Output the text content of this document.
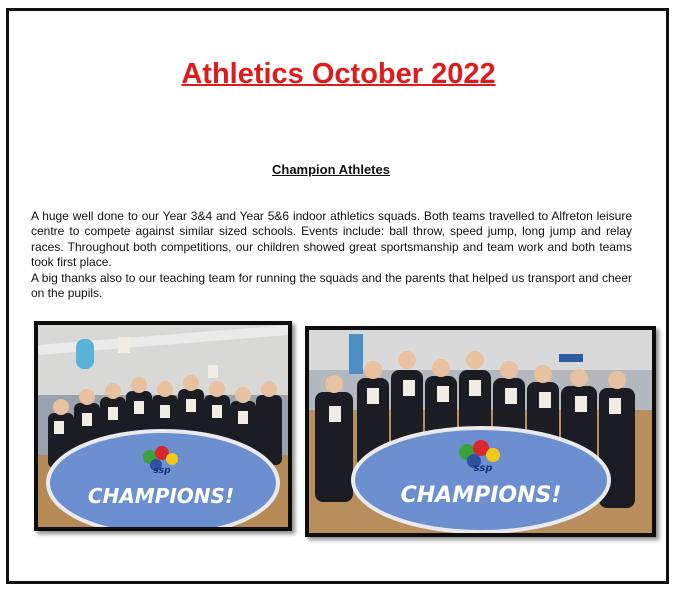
Athletics October 2022
Champion Athletes

A huge well done to our Year 3&4 and Year 5&6 indoor athletics squads. Both teams travelled to Alfreton leisure centre to compete against similar sized schools. Events include: ball throw, speed jump, long jump and relay races. Throughout both competitions, our children showed great sportsmanship and team work and both teams took first place.

A big thanks also to our teaching team for running the squads and the parents that helped us transport and cheer on the pupils.

ssp
CHAMPIONS!
ssp
CHAMPIONS!
